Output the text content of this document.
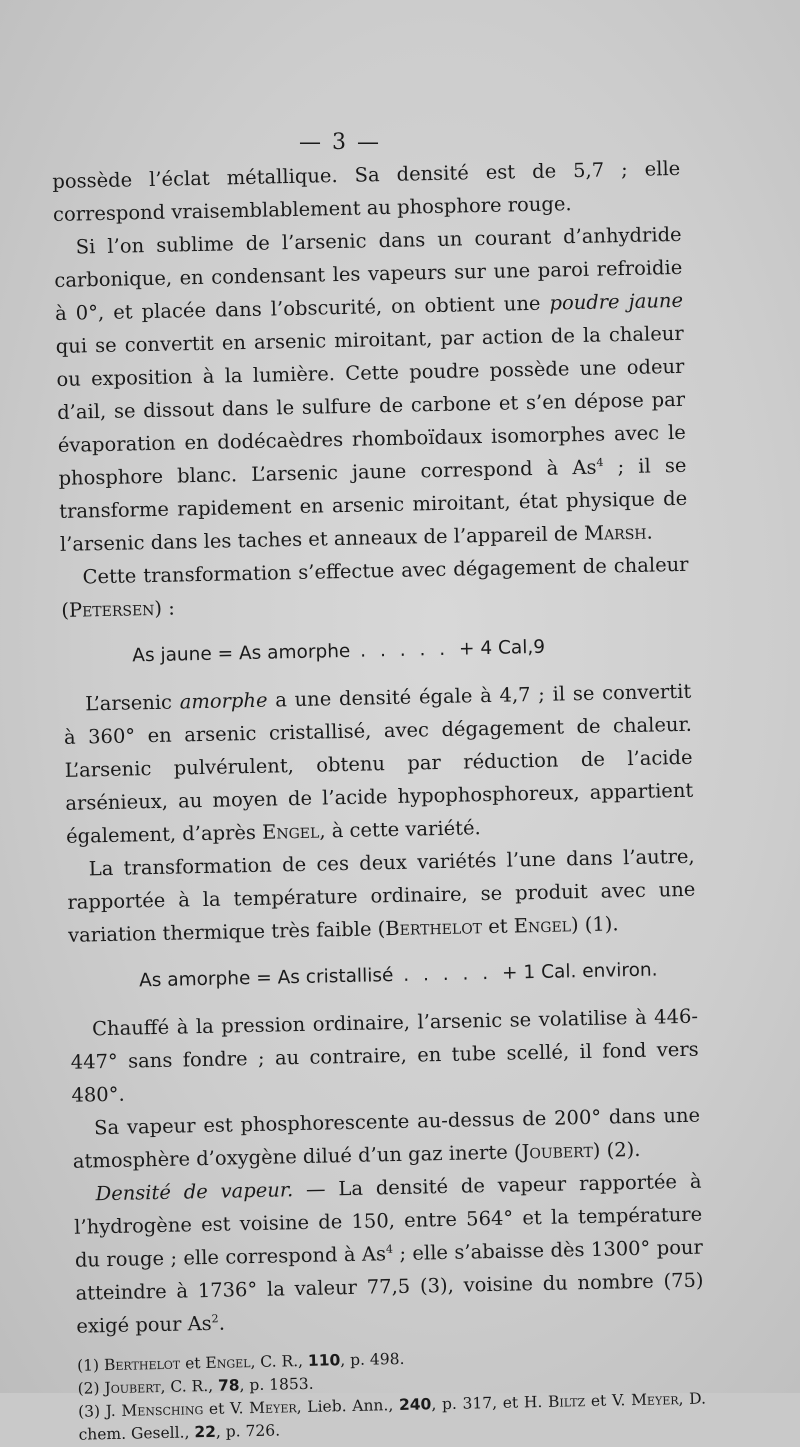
— 3 —

possède l’éclat métallique. Sa densité est de 5,7 ; elle correspond vraisemblablement au phosphore rouge.

Si l’on sublime de l’arsenic dans un courant d’anhydride carbonique, en condensant les vapeurs sur une paroi refroidie à 0°, et placée dans l’obscurité, on obtient une poudre jaune qui se convertit en arsenic miroitant, par action de la chaleur ou exposition à la lumière. Cette poudre possède une odeur d’ail, se dissout dans le sulfure de carbone et s’en dépose par évaporation en dodécaèdres rhomboïdaux isomorphes avec le phosphore blanc. L’arsenic jaune correspond à As$^4$ ; il se transforme rapidement en arsenic miroitant, état physique de l’arsenic dans les taches et anneaux de l’appareil de Marsh.

Cette transformation s’effectue avec dégagement de chaleur (Petersen) :

As jaune = As amorphe . . . . . + 4 Cal,9

L’arsenic amorphe a une densité égale à 4,7 ; il se convertit à 360° en arsenic cristallisé, avec dégagement de chaleur. L’arsenic pulvérulent, obtenu par réduction de l’acide arsénieux, au moyen de l’acide hypophosphoreux, appartient également, d’après Engel, à cette variété.

La transformation de ces deux variétés l’une dans l’autre, rapportée à la température ordinaire, se produit avec une variation thermique très faible (Berthelot et Engel) (1).

As amorphe = As cristallisé . . . . . + 1 Cal. environ.

Chauffé à la pression ordinaire, l’arsenic se volatilise à 446-447° sans fondre ; au contraire, en tube scellé, il fond vers 480°.

Sa vapeur est phosphorescente au-dessus de 200° dans une atmosphère d’oxygène dilué d’un gaz inerte (Joubert) (2).

Densité de vapeur. — La densité de vapeur rapportée à l’hydrogène est voisine de 150, entre 564° et la température du rouge ; elle correspond à As$^4$ ; elle s’abaisse dès 1300° pour atteindre à 1736° la valeur 77,5 (3), voisine du nombre (75) exigé pour As$^2$.

(1) Berthelot et Engel, C. R., 110, p. 498.
(2) Joubert, C. R., 78, p. 1853.
(3) J. Mensching et V. Meyer, Lieb. Ann., 240, p. 317, et H. Biltz et V. Meyer, D. chem. Gesell., 22, p. 726.
